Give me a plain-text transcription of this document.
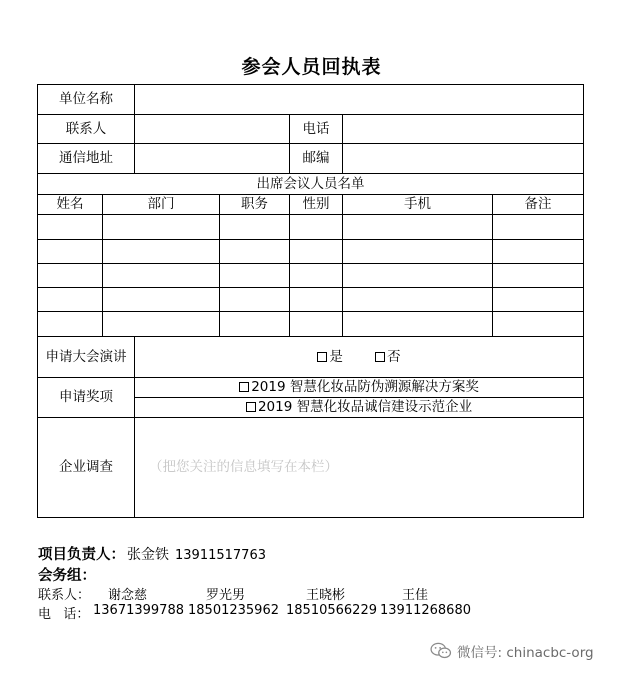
参会人员回执表
单位名称						
联系人				电话		
通信地址				邮编		
出席会议人员名单						
姓名	部门		职务	性别	手机	备注

申请大会演讲		是 否				
申请奖项		2019 智慧化妆品防伪溯源解决方案奖				
		2019 智慧化妆品诚信建设示范企业				
企业调查		（把您关注的信息填写在本栏）				
项目负责人： 张金铁 13911517763
会务组：
联系人： 谢念慈	罗光男	王晓彬	王佳
电   话： 13671399788 18501235962 18510566229 13911268680
微信号: chinacbc-org
